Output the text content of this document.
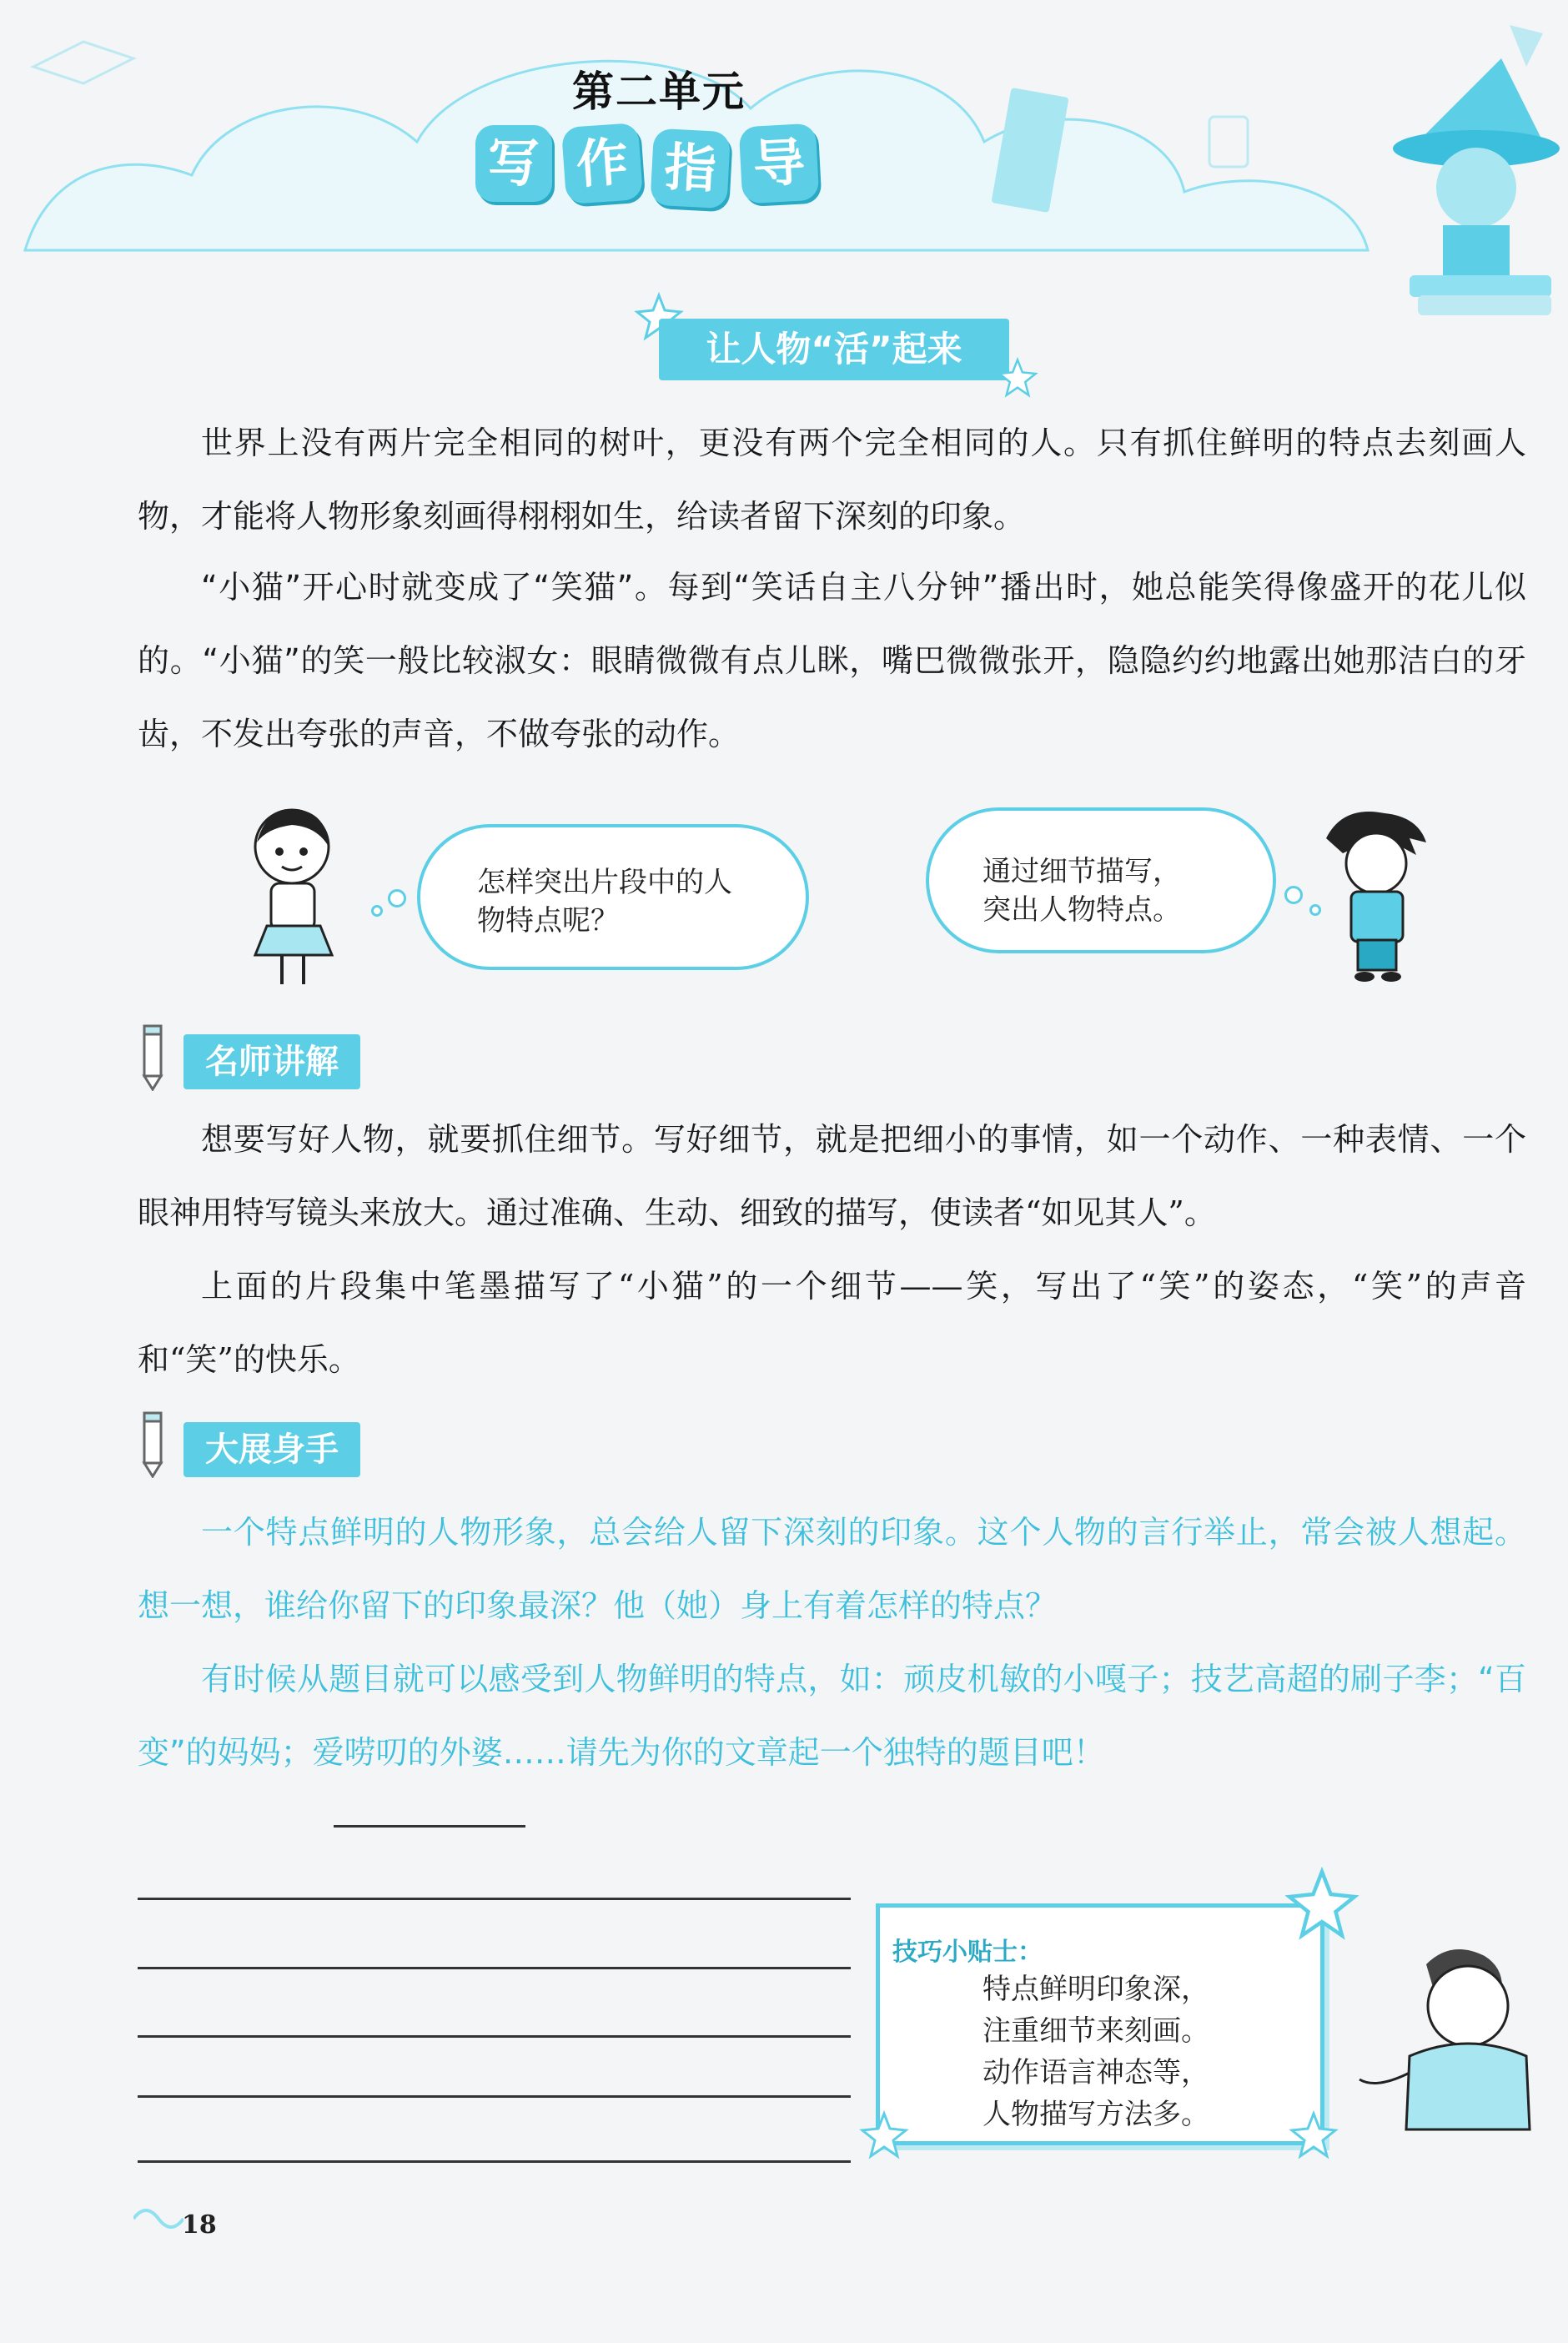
第二单元
写 作 指 导
让人物“活”起来
世界上没有两片完全相同的树叶，更没有两个完全相同的人。只有抓住鲜明的特点去刻画人物，才能将人物形象刻画得栩栩如生，给读者留下深刻的印象。
“小猫”开心时就变成了“笑猫”。每到“笑话自主八分钟”播出时，她总能笑得像盛开的花儿似的。“小猫”的笑一般比较淑女：眼睛微微有点儿眯，嘴巴微微张开，隐隐约约地露出她那洁白的牙齿，不发出夸张的声音，不做夸张的动作。
怎样突出片段中的人
物特点呢？
通过细节描写，
突出人物特点。
名师讲解
想要写好人物，就要抓住细节。写好细节，就是把细小的事情，如一个动作、一种表情、一个眼神用特写镜头来放大。通过准确、生动、细致的描写，使读者“如见其人”。
上面的片段集中笔墨描写了“小猫”的一个细节——笑，写出了“笑”的姿态，“笑”的声音和“笑”的快乐。
大展身手
一个特点鲜明的人物形象，总会给人留下深刻的印象。这个人物的言行举止，常会被人想起。想一想，谁给你留下的印象最深？他（她）身上有着怎样的特点？
有时候从题目就可以感受到人物鲜明的特点，如：顽皮机敏的小嘎子；技艺高超的刷子李；“百变”的妈妈；爱唠叨的外婆……请先为你的文章起一个独特的题目吧！
技巧小贴士：
特点鲜明印象深，
注重细节来刻画。
动作语言神态等，
人物描写方法多。
18
